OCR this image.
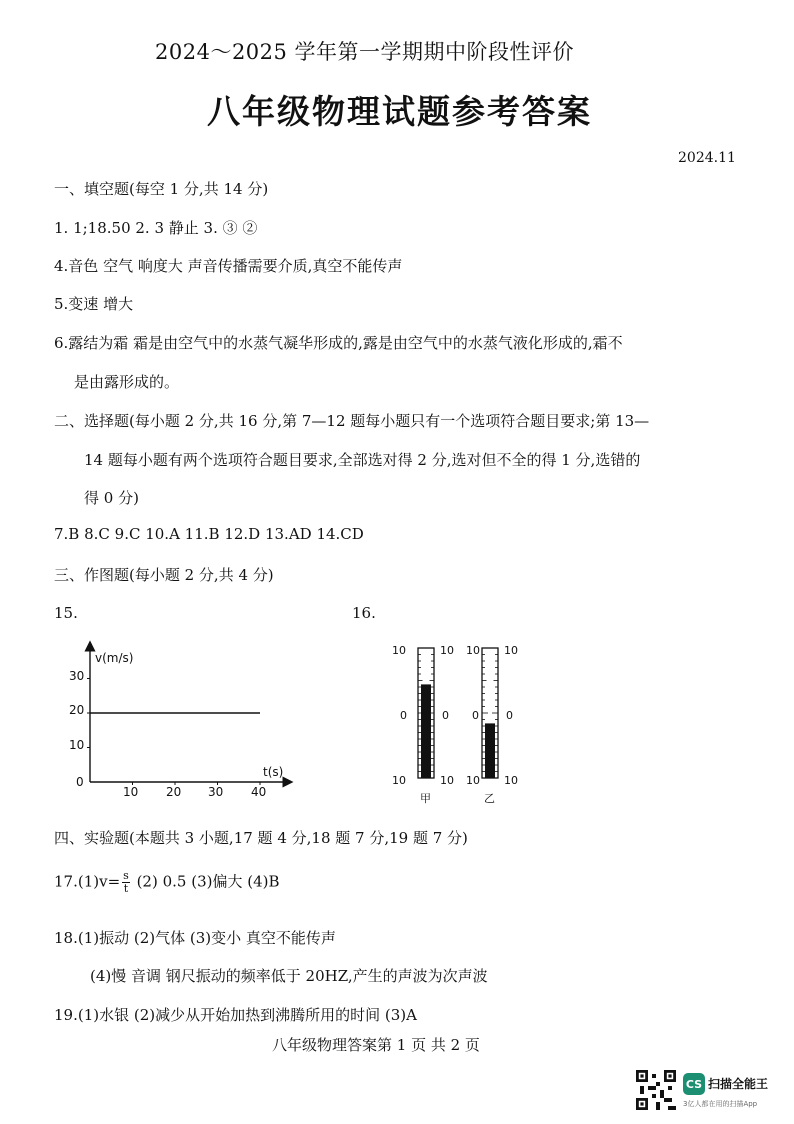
2024～2025 学年第一学期期中阶段性评价
八年级物理试题参考答案
2024.11
一、填空题(每空 1 分,共 14 分)
1. 1;18.50 2. 3 静止 3. ③ ②
4.音色 空气 响度大 声音传播需要介质,真空不能传声
5.变速 增大
6.露结为霜 霜是由空气中的水蒸气凝华形成的,露是由空气中的水蒸气液化形成的,霜不
是由露形成的。
二、选择题(每小题 2 分,共 16 分,第 7—12 题每小题只有一个选项符合题目要求;第 13—
14 题每小题有两个选项符合题目要求,全部选对得 2 分,选对但不全的得 1 分,选错的
得 0 分)
7.B 8.C 9.C 10.A 11.B 12.D 13.AD 14.CD
三、作图题(每小题 2 分,共 4 分)
15.	16.
v(m/s)
t(s)
30
20
10
0
10 20 30 40
10
0
10
10
0
10
10
0
10
10
0
10
甲	乙
四、实验题(本题共 3 小题,17 题 4 分,18 题 7 分,19 题 7 分)
$17.(1)v= \frac{s}{t} (2)$ 0.5 (3)偏大 (4)B
18.(1)振动 (2)气体 (3)变小 真空不能传声
(4)慢 音调 钢尺振动的频率低于 20HZ,产生的声波为次声波
19.(1)水银 (2)减少从开始加热到沸腾所用的时间 (3)A
八年级物理答案第 1 页 共 2 页
CS 扫描全能王
3亿人都在用的扫描App
